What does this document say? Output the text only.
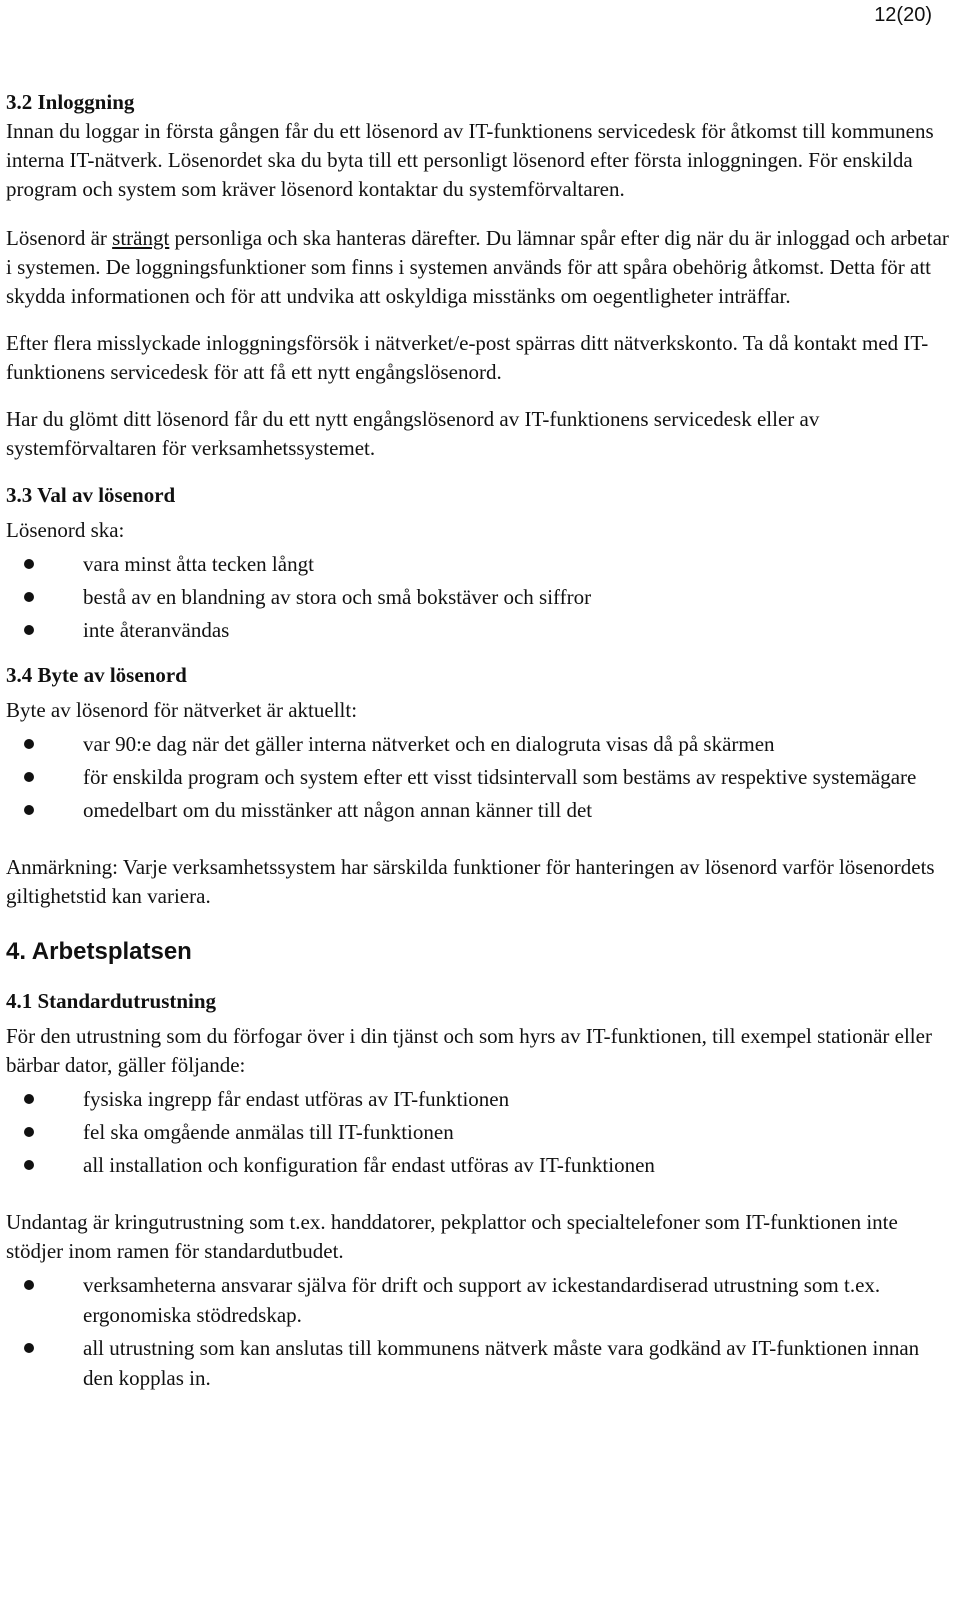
12(20)
3.2 Inloggning

Innan du loggar in första gången får du ett lösenord av IT-funktionens servicedesk för åtkomst till kommunens interna IT-nätverk. Lösenordet ska du byta till ett personligt lösenord efter första inloggningen. För enskilda program och system som kräver lösenord kontaktar du systemförvaltaren.

Lösenord är strängt personliga och ska hanteras därefter. Du lämnar spår efter dig när du är inloggad och arbetar i systemen. De loggningsfunktioner som finns i systemen används för att spåra obehörig åtkomst. Detta för att skydda informationen och för att undvika att oskyldiga misstänks om oegentligheter inträffar.

Efter flera misslyckade inloggningsförsök i nätverket/e-post spärras ditt nätverkskonto. Ta då kontakt med IT-funktionens servicedesk för att få ett nytt engångslösenord.

Har du glömt ditt lösenord får du ett nytt engångslösenord av IT-funktionens servicedesk eller av systemförvaltaren för verksamhetssystemet.

3.3 Val av lösenord

Lösenord ska:

vara minst åtta tecken långt
bestå av en blandning av stora och små bokstäver och siffror
inte återanvändas
3.4 Byte av lösenord

Byte av lösenord för nätverket är aktuellt:

var 90:e dag när det gäller interna nätverket och en dialogruta visas då på skärmen
för enskilda program och system efter ett visst tidsintervall som bestäms av respektive systemägare
omedelbart om du misstänker att någon annan känner till det

Anmärkning: Varje verksamhetssystem har särskilda funktioner för hanteringen av lösenord varför lösenordets giltighetstid kan variera.

4. Arbetsplatsen
4.1 Standardutrustning

För den utrustning som du förfogar över i din tjänst och som hyrs av IT-funktionen, till exempel stationär eller bärbar dator, gäller följande:

fysiska ingrepp får endast utföras av IT-funktionen
fel ska omgående anmälas till IT-funktionen
all installation och konfiguration får endast utföras av IT-funktionen

Undantag är kringutrustning som t.ex. handdatorer, pekplattor och specialtelefoner som IT-funktionen inte stödjer inom ramen för standardutbudet.

verksamheterna ansvarar själva för drift och support av ickestandardiserad utrustning som t.ex. ergonomiska stödredskap.
all utrustning som kan anslutas till kommunens nätverk måste vara godkänd av IT-funktionen innan den kopplas in.
